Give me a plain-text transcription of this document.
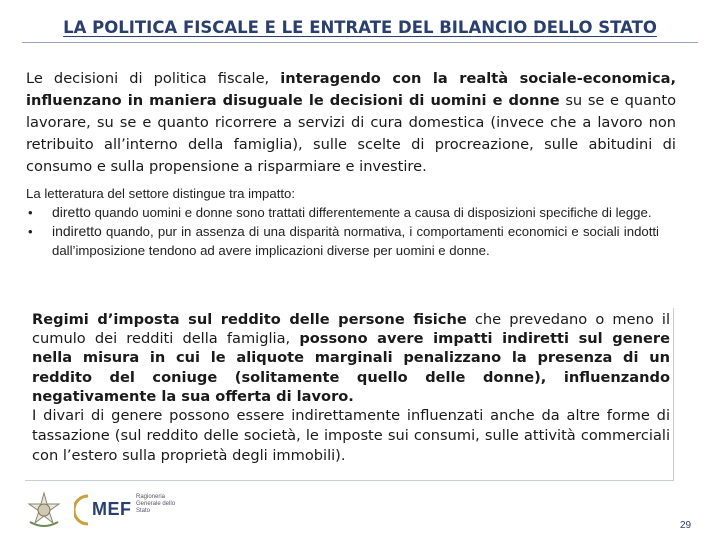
LA POLITICA FISCALE E LE ENTRATE DEL BILANCIO DELLO STATO
Le decisioni di politica fiscale, interagendo con la realtà sociale-economica, influenzano in maniera disuguale le decisioni di uomini e donne su se e quanto lavorare, su se e quanto ricorrere a servizi di cura domestica (invece che a lavoro non retribuito all’interno della famiglia), sulle scelte di procreazione, sulle abitudini di consumo e sulla propensione a risparmiare e investire.
La letteratura del settore distingue tra impatto:
•	diretto quando uomini e donne sono trattati differentemente a causa di disposizioni specifiche di legge.
•	indiretto quando, pur in assenza di una disparità normativa, i comportamenti economici e sociali indotti dall’imposizione tendono ad avere implicazioni diverse per uomini e donne.
Regimi d’imposta sul reddito delle persone fisiche che prevedano o meno il cumulo dei redditi della famiglia, possono avere impatti indiretti sul genere nella misura in cui le aliquote marginali penalizzano la presenza di un reddito del coniuge (solitamente quello delle donne), influenzando negativamente la sua offerta di lavoro.
I divari di genere possono essere indirettamente influenzati anche da altre forme di tassazione (sul reddito delle società, le imposte sui consumi, sulle attività commerciali con l’estero sulla proprietà degli immobili).
MEF
Ragioneria Generale dello Stato
29
